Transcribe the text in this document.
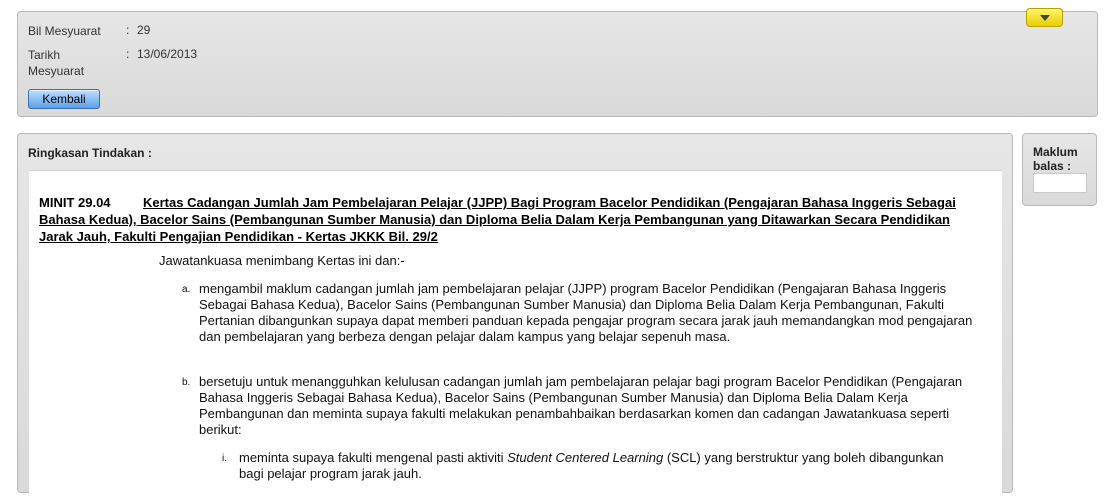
Bil Mesyuarat	: 29
Tarikh Mesyuarat
: 13/06/2013
Kembali
Ringkasan Tindakan :
MINIT 29.04 Kertas Cadangan Jumlah Jam Pembelajaran Pelajar (JJPP) Bagi Program Bacelor Pendidikan (Pengajaran Bahasa Inggeris Sebagai Bahasa Kedua), Bacelor Sains (Pembangunan Sumber Manusia) dan Diploma Belia Dalam Kerja Pembangunan yang Ditawarkan Secara Pendidikan Jarak Jauh, Fakulti Pengajian Pendidikan - Kertas JKKK Bil. 29/2
Jawatankuasa menimbang Kertas ini dan:-
a. mengambil maklum cadangan jumlah jam pembelajaran pelajar (JJPP) program Bacelor Pendidikan (Pengajaran Bahasa Inggeris Sebagai Bahasa Kedua), Bacelor Sains (Pembangunan Sumber Manusia) dan Diploma Belia Dalam Kerja Pembangunan, Fakulti Pertanian dibangunkan supaya dapat memberi panduan kepada pengajar program secara jarak jauh memandangkan mod pengajaran dan pembelajaran yang berbeza dengan pelajar dalam kampus yang belajar sepenuh masa.
b. bersetuju untuk menangguhkan kelulusan cadangan jumlah jam pembelajaran pelajar bagi program Bacelor Pendidikan (Pengajaran Bahasa Inggeris Sebagai Bahasa Kedua), Bacelor Sains (Pembangunan Sumber Manusia) dan Diploma Belia Dalam Kerja Pembangunan dan meminta supaya fakulti melakukan penambahbaikan berdasarkan komen dan cadangan Jawatankuasa seperti berikut:
i. meminta supaya fakulti mengenal pasti aktiviti Student Centered Learning (SCL) yang berstruktur yang boleh dibangunkan bagi pelajar program jarak jauh.
Maklum balas :
